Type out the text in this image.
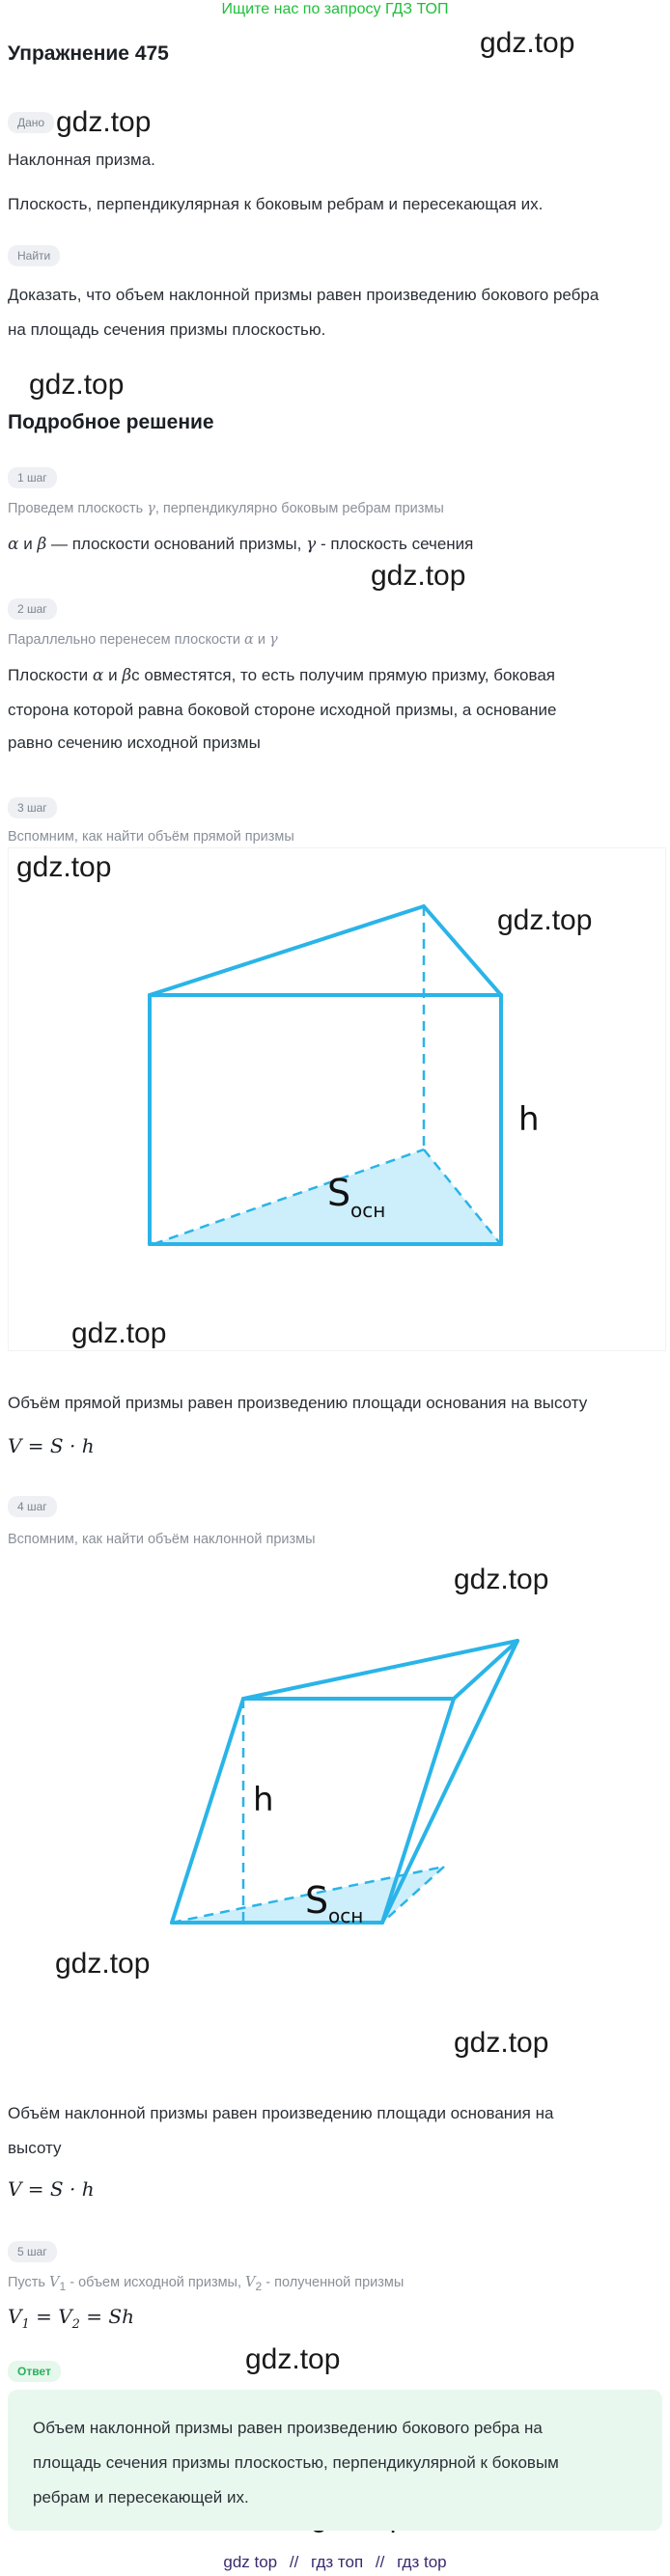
Ищите нас по запросу ГДЗ ТОП
Упражнение 475	gdz.top
gdz.top
gdz.top
gdz.top
gdz.top
gdz.top
gdz.top
gdz.top
gdz.top
gdz.top
gdz.top
Дано
Наклонная призма.
Плоскость, перпендикулярная к боковым ребрам и пересекающая их.
Найти
Доказать, что объем наклонной призмы равен произведению бокового ребра
на площадь сечения призмы плоскостью.
Подробное решение
1 шаг
Проведем плоскость γ, перпендикулярно боковым ребрам призмы
α и β — плоскости оснований призмы, γ - плоскость сечения
2 шаг
Параллельно перенесем плоскости α и γ
Плоскости α и βс овместятся, то есть получим прямую призму, боковая
сторона которой равна боковой стороне исходной призмы, а основание
равно сечению исходной призмы
3 шаг
Вспомним, как найти объём прямой призмы
h
S осн
Объём прямой призмы равен произведению площади основания на высоту
V = S · h
4 шаг
Вспомним, как найти объём наклонной призмы
h
S осн
Объём наклонной призмы равен произведению площади основания на
высоту
V = S · h
5 шаг
Пусть $V_1$ - объем исходной призмы, $V_2$ - полученной призмы
$V_1 = V_2 = Sh$
Ответ
Объем наклонной призмы равен произведению бокового ребра на
площадь сечения призмы плоскостью, перпендикулярной к боковым
ребрам и пересекающей их.
gdz top // гдз топ // гдз top
